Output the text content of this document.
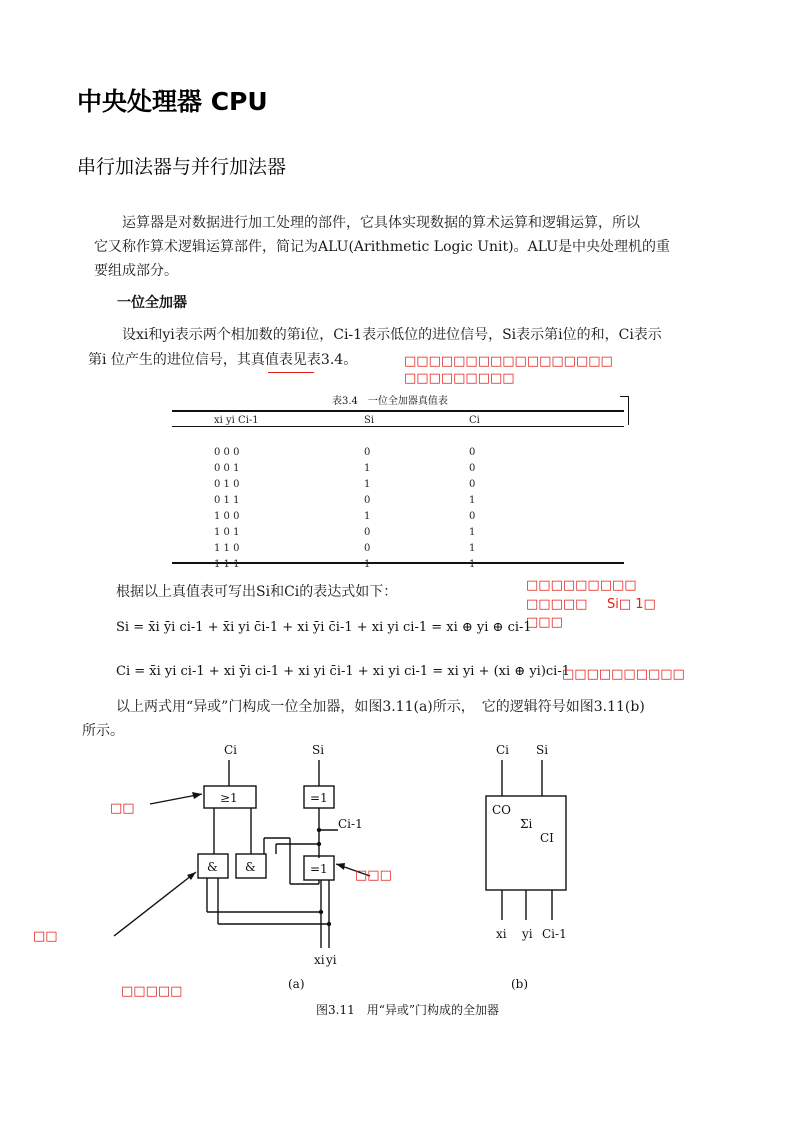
中央处理器 CPU
串行加法器与并行加法器
运算器是对数据进行加工处理的部件，它具体实现数据的算术运算和逻辑运算，所以
它又称作算术逻辑运算部件，简记为ALU(Arithmetic Logic Unit)。ALU是中央处理机的重
要组成部分。
一位全加器
设xi和yi表示两个相加数的第i位，Ci-1表示低位的进位信号，Si表示第i位的和，Ci表示
第i 位产生的进位信号，其真值表见表3.4。	□□□□□□□□□□□□□□□□□
□□□□□□□□□
表3.4　一位全加器真值表
xi yi Ci-1	Si	Ci

0 0 0	0	0
0 0 1	1	0
0 1 0	1	0
0 1 1	0	1
1 0 0	1	0
1 0 1	0	1
1 1 0	0	1
1 1 1	1	1
根据以上真值表可写出Si和Ci的表达式如下：	□□□□□□□□□
□□□□□ Si□ 1□
□□□
Si = x̄i ȳi ci-1 + x̄i yi c̄i-1 + xi ȳi c̄i-1 + xi yi ci-1 = xi ⊕ yi ⊕ ci-1
Ci = x̄i yi ci-1 + xi ȳi ci-1 + xi yi c̄i-1 + xi yi ci-1 = xi yi + (xi ⊕ yi)ci-1
□□□□□□□□□□
以上两式用“异或”门构成一位全加器，如图3.11(a)所示，　它的逻辑符号如图3.11(b)
所示。
Ci	Si
≥1	=1
Ci-1
& &	=1
xi yi
(a)
□□
□□□
□□
□□□□□
Ci Si
CO
Σi
CI
xi yi Ci-1
(b)
图3.11　用“异或”门构成的全加器
